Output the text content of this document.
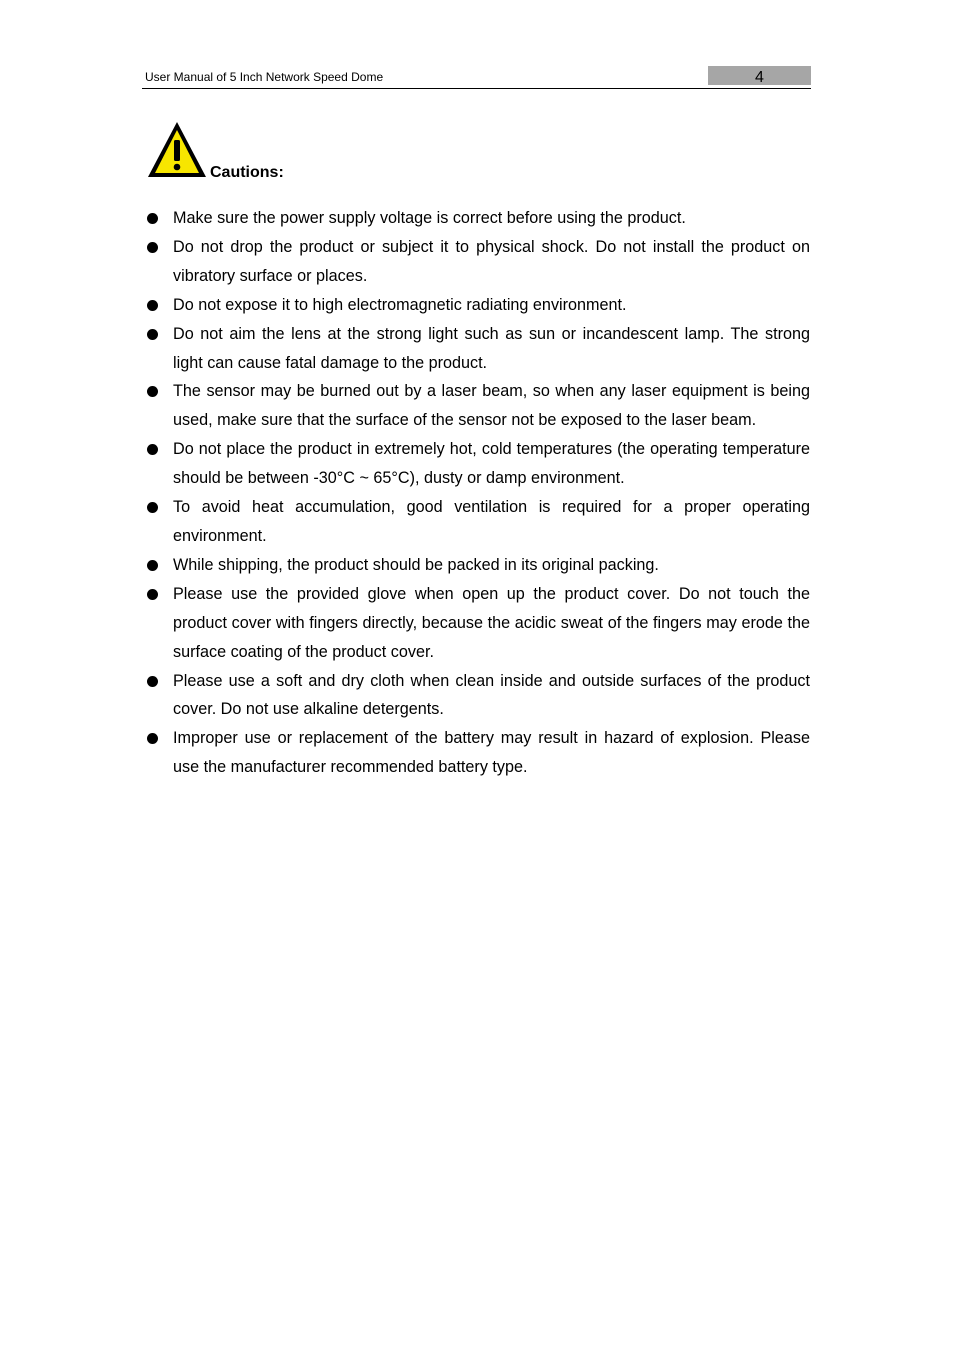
User Manual of 5 Inch Network Speed Dome	4
Cautions:
Make sure the power supply voltage is correct before using the product.
Do not drop the product or subject it to physical shock. Do not install the product on vibratory surface or places.
Do not expose it to high electromagnetic radiating environment.
Do not aim the lens at the strong light such as sun or incandescent lamp. The strong light can cause fatal damage to the product.
The sensor may be burned out by a laser beam, so when any laser equipment is being used, make sure that the surface of the sensor not be exposed to the laser beam.
Do not place the product in extremely hot, cold temperatures (the operating temperature should be between -30°C ~ 65°C), dusty or damp environment.
To avoid heat accumulation, good ventilation is required for a proper operating environment.
While shipping, the product should be packed in its original packing.
Please use the provided glove when open up the product cover. Do not touch the product cover with fingers directly, because the acidic sweat of the fingers may erode the surface coating of the product cover.
Please use a soft and dry cloth when clean inside and outside surfaces of the product cover. Do not use alkaline detergents.
Improper use or replacement of the battery may result in hazard of explosion. Please use the manufacturer recommended battery type.
